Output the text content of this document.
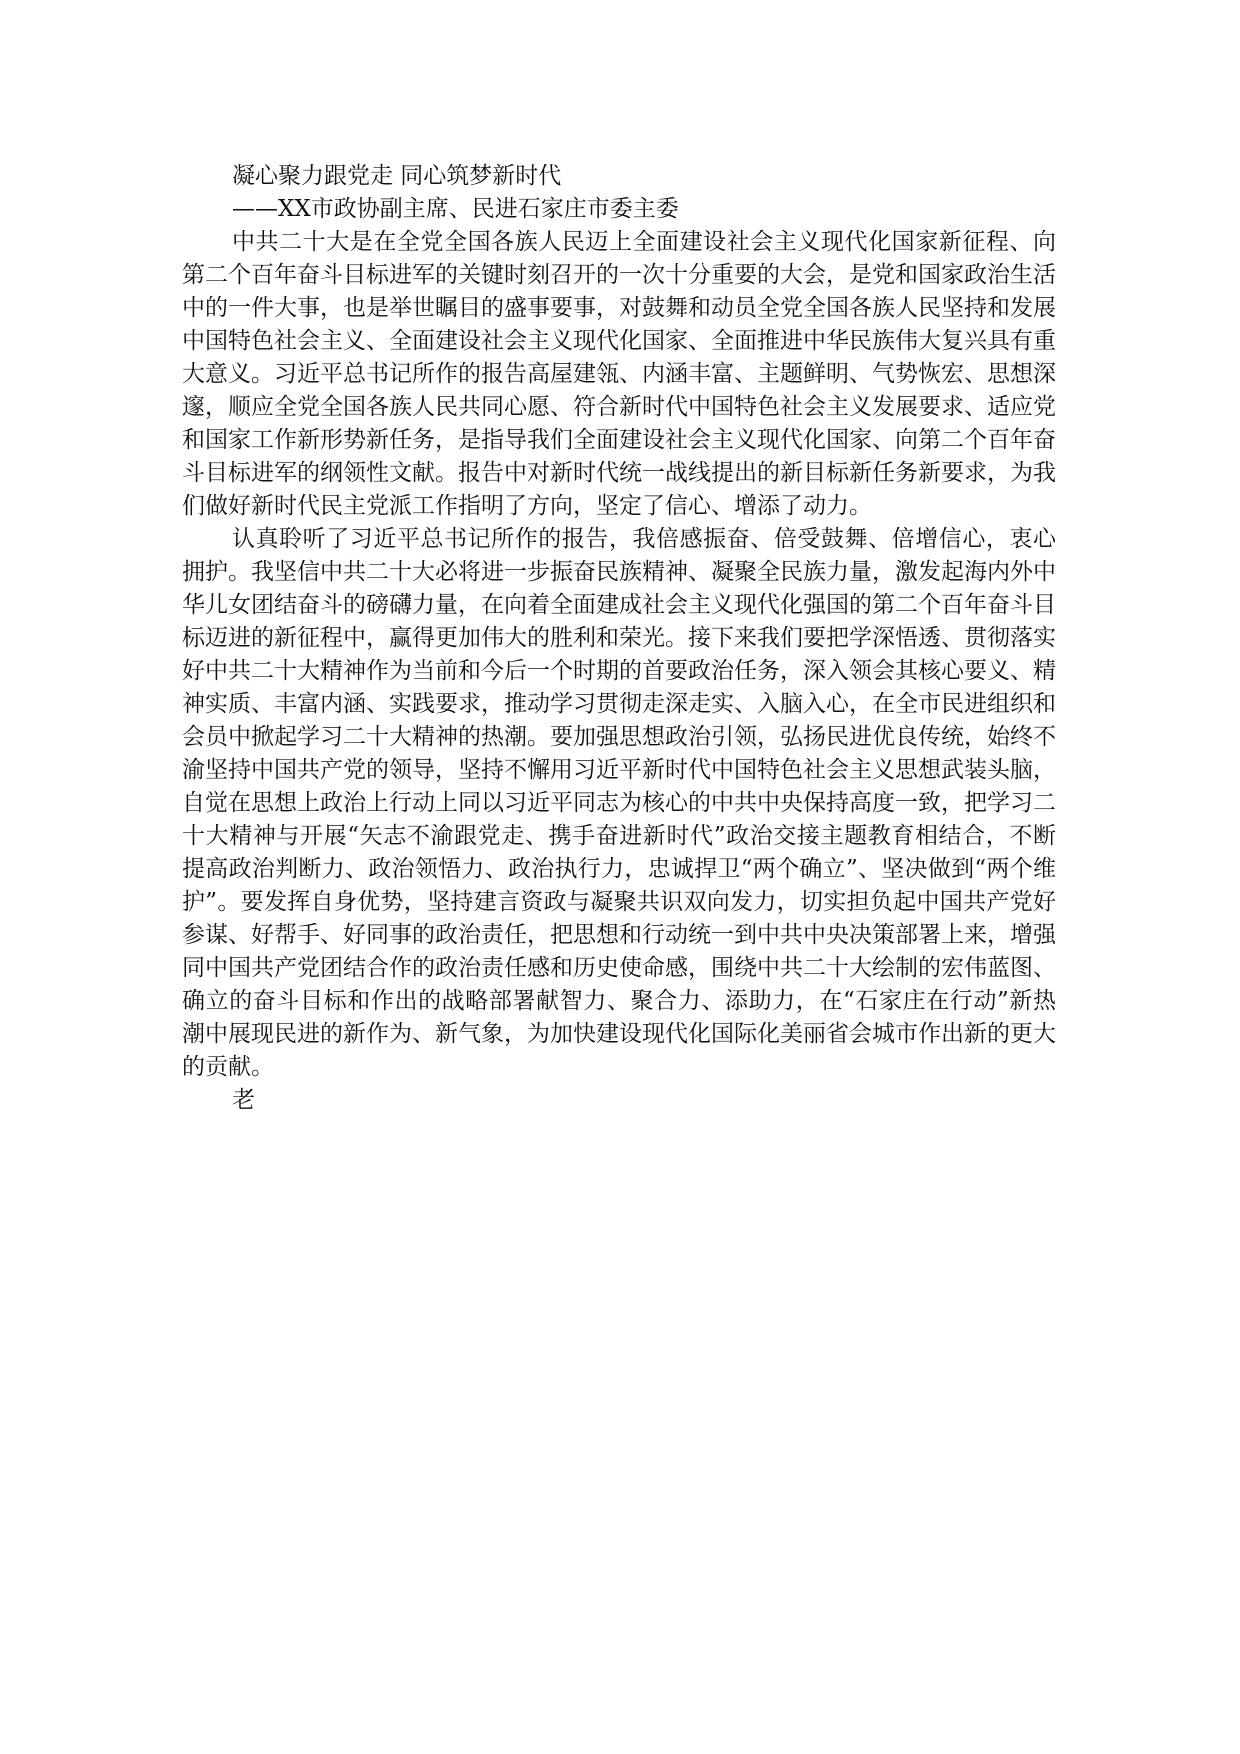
凝心聚力跟党走 同心筑梦新时代

——XX市政协副主席、民进石家庄市委主委

中共二十大是在全党全国各族人民迈上全面建设社会主义现代化国家新征程、向第二个百年奋斗目标进军的关键时刻召开的一次十分重要的大会，是党和国家政治生活中的一件大事，也是举世瞩目的盛事要事，对鼓舞和动员全党全国各族人民坚持和发展中国特色社会主义、全面建设社会主义现代化国家、全面推进中华民族伟大复兴具有重大意义。习近平总书记所作的报告高屋建瓴、内涵丰富、主题鲜明、气势恢宏、思想深邃，顺应全党全国各族人民共同心愿、符合新时代中国特色社会主义发展要求、适应党和国家工作新形势新任务，是指导我们全面建设社会主义现代化国家、向第二个百年奋斗目标进军的纲领性文献。报告中对新时代统一战线提出的新目标新任务新要求，为我们做好新时代民主党派工作指明了方向，坚定了信心、增添了动力。

认真聆听了习近平总书记所作的报告，我倍感振奋、倍受鼓舞、倍增信心，衷心拥护。我坚信中共二十大必将进一步振奋民族精神、凝聚全民族力量，激发起海内外中华儿女团结奋斗的磅礴力量，在向着全面建成社会主义现代化强国的第二个百年奋斗目标迈进的新征程中，赢得更加伟大的胜利和荣光。接下来我们要把学深悟透、贯彻落实好中共二十大精神作为当前和今后一个时期的首要政治任务，深入领会其核心要义、精神实质、丰富内涵、实践要求，推动学习贯彻走深走实、入脑入心，在全市民进组织和会员中掀起学习二十大精神的热潮。要加强思想政治引领，弘扬民进优良传统，始终不渝坚持中国共产党的领导，坚持不懈用习近平新时代中国特色社会主义思想武装头脑，自觉在思想上政治上行动上同以习近平同志为核心的中共中央保持高度一致，把学习二十大精神与开展“矢志不渝跟党走、携手奋进新时代”政治交接主题教育相结合，不断提高政治判断力、政治领悟力、政治执行力，忠诚捍卫“两个确立”、坚决做到“两个维护”。要发挥自身优势，坚持建言资政与凝聚共识双向发力，切实担负起中国共产党好参谋、好帮手、好同事的政治责任，把思想和行动统一到中共中央决策部署上来，增强同中国共产党团结合作的政治责任感和历史使命感，围绕中共二十大绘制的宏伟蓝图、确立的奋斗目标和作出的战略部署献智力、聚合力、添助力，在“石家庄在行动”新热潮中展现民进的新作为、新气象，为加快建设现代化国际化美丽省会城市作出新的更大的贡献。

老
